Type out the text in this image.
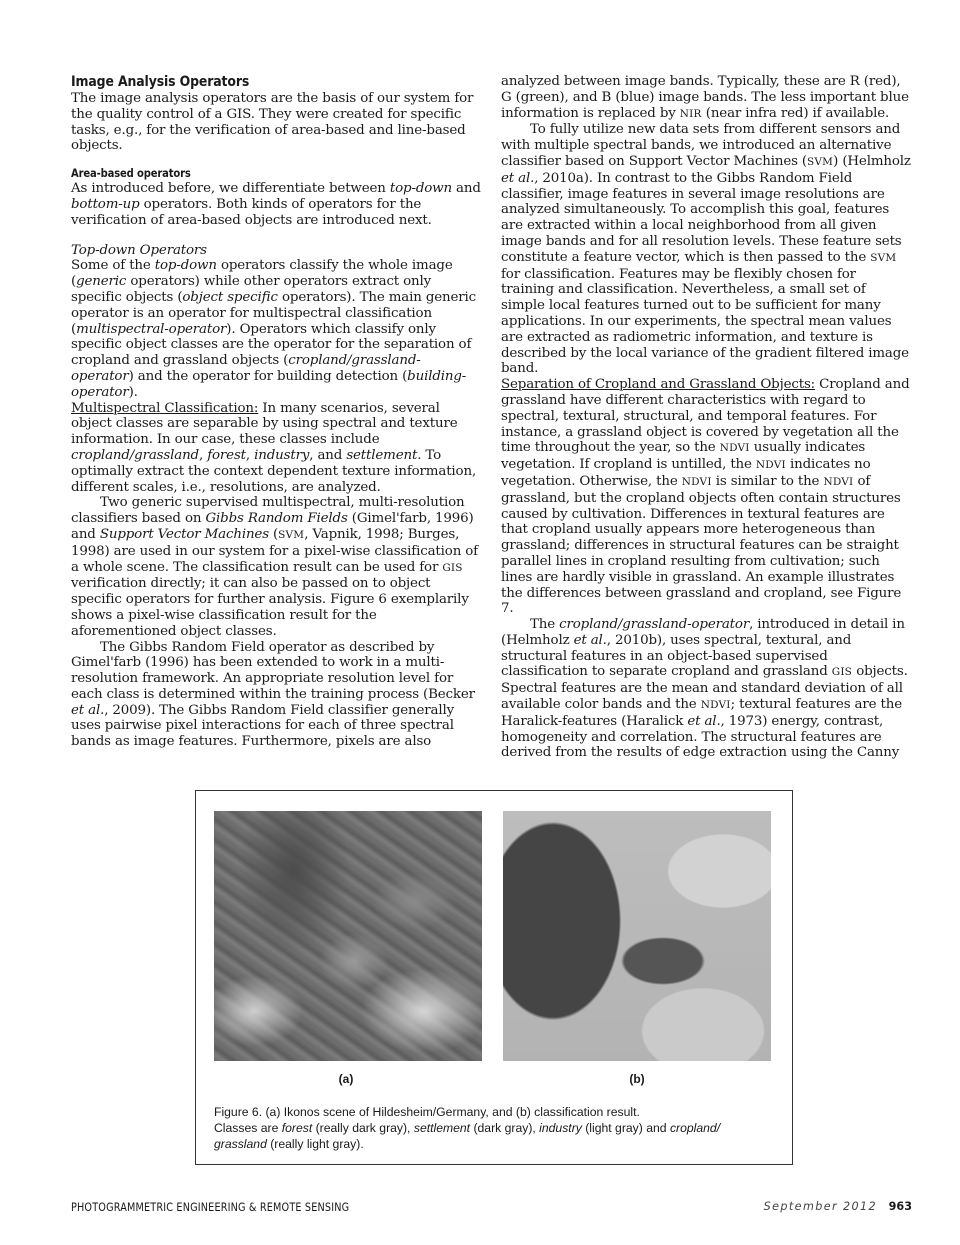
Image Analysis Operators

The image analysis operators are the basis of our system for the quality control of a GIS. They were created for specific tasks, e.g., for the verification of area-based and line-based objects.

Area-based operators

As introduced before, we differentiate between top-down and bottom-up operators. Both kinds of operators for the verification of area-based objects are introduced next.

Top-down Operators

Some of the top-down operators classify the whole image (generic operators) while other operators extract only specific objects (object specific operators). The main generic operator is an operator for multispectral classification (multispectral-operator). Operators which classify only specific object classes are the operator for the separation of cropland and grassland objects (cropland/grassland-operator) and the operator for building detection (building-operator).

Multispectral Classification: In many scenarios, several object classes are separable by using spectral and texture information. In our case, these classes include cropland/grassland, forest, industry, and settlement. To optimally extract the context dependent texture information, different scales, i.e., resolutions, are analyzed.

Two generic supervised multispectral, multi-resolution classifiers based on Gibbs Random Fields (Gimel'farb, 1996) and Support Vector Machines (SVM, Vapnik, 1998; Burges, 1998) are used in our system for a pixel-wise classification of a whole scene. The classification result can be used for GIS verification directly; it can also be passed on to object specific operators for further analysis. Figure 6 exemplarily shows a pixel-wise classification result for the aforementioned object classes.

The Gibbs Random Field operator as described by Gimel'farb (1996) has been extended to work in a multi-resolution framework. An appropriate resolution level for each class is determined within the training process (Becker et al., 2009). The Gibbs Random Field classifier generally uses pairwise pixel interactions for each of three spectral bands as image features. Furthermore, pixels are also

analyzed between image bands. Typically, these are R (red), G (green), and B (blue) image bands. The less important blue information is replaced by NIR (near infra red) if available.

To fully utilize new data sets from different sensors and with multiple spectral bands, we introduced an alternative classifier based on Support Vector Machines (SVM) (Helmholz et al., 2010a). In contrast to the Gibbs Random Field classifier, image features in several image resolutions are analyzed simultaneously. To accomplish this goal, features are extracted within a local neighborhood from all given image bands and for all resolution levels. These feature sets constitute a feature vector, which is then passed to the SVM for classification. Features may be flexibly chosen for training and classification. Nevertheless, a small set of simple local features turned out to be sufficient for many applications. In our experiments, the spectral mean values are extracted as radiometric information, and texture is described by the local variance of the gradient filtered image band.

Separation of Cropland and Grassland Objects: Cropland and grassland have different characteristics with regard to spectral, textural, structural, and temporal features. For instance, a grassland object is covered by vegetation all the time throughout the year, so the NDVI usually indicates vegetation. If cropland is untilled, the NDVI indicates no vegetation. Otherwise, the NDVI is similar to the NDVI of grassland, but the cropland objects often contain structures caused by cultivation. Differences in textural features are that cropland usually appears more heterogeneous than grassland; differences in structural features can be straight parallel lines in cropland resulting from cultivation; such lines are hardly visible in grassland. An example illustrates the differences between grassland and cropland, see Figure 7.

The cropland/grassland-operator, introduced in detail in (Helmholz et al., 2010b), uses spectral, textural, and structural features in an object-based supervised classification to separate cropland and grassland GIS objects. Spectral features are the mean and standard deviation of all available color bands and the NDVI; textural features are the Haralick-features (Haralick et al., 1973) energy, contrast, homogeneity and correlation. The structural features are derived from the results of edge extraction using the Canny

(a)	(b)

Figure 6. (a) Ikonos scene of Hildesheim/Germany, and (b) classification result.

Classes are forest (really dark gray), settlement (dark gray), industry (light gray) and cropland/ grassland (really light gray).

PHOTOGRAMMETRIC ENGINEERING & REMOTE SENSING	September 2012 963
